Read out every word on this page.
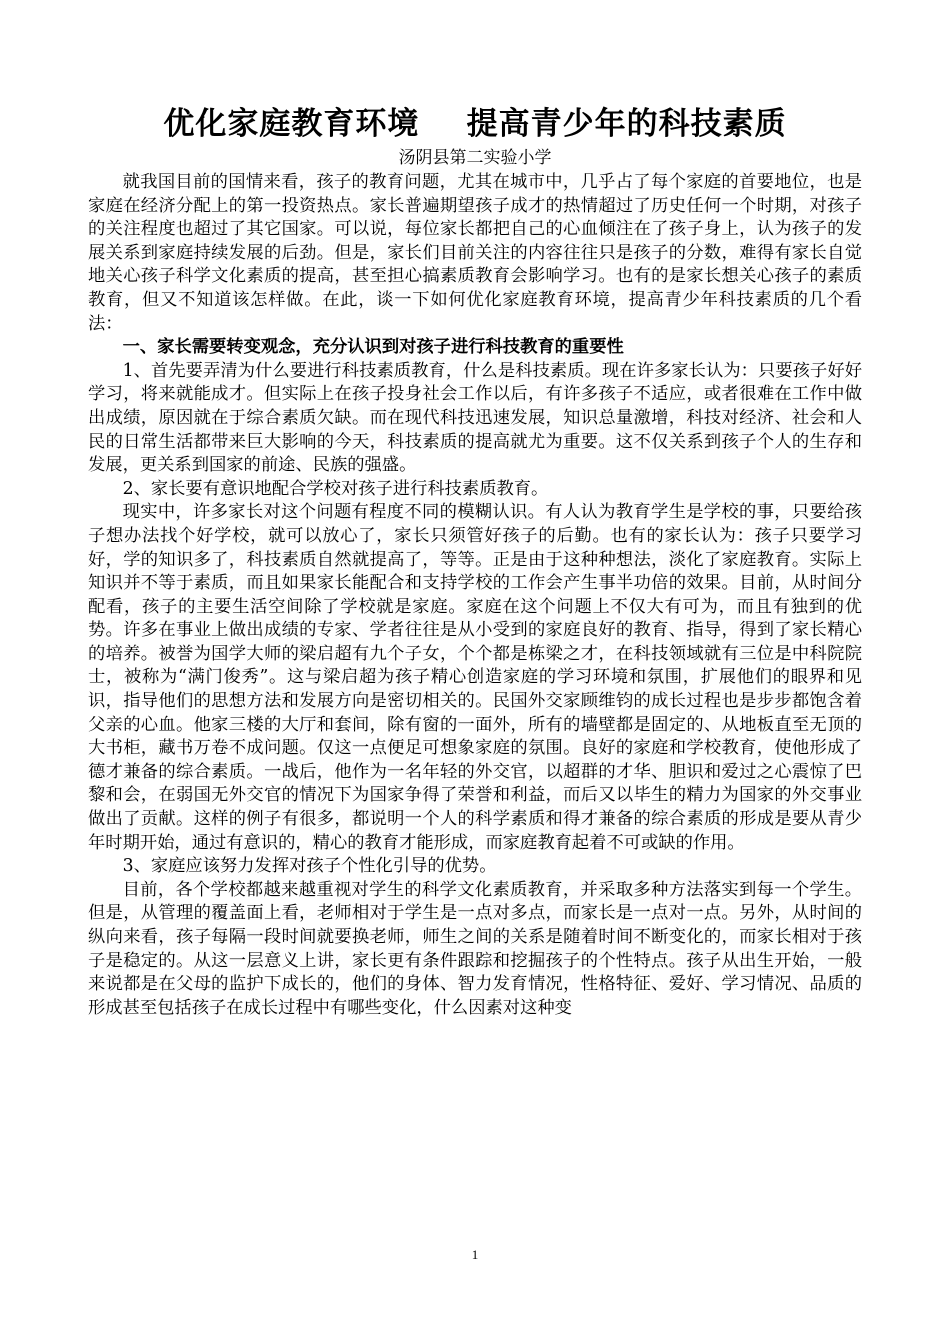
优化家庭教育环境    提高青少年的科技素质

汤阴县第二实验小学

就我国目前的国情来看，孩子的教育问题，尤其在城市中，几乎占了每个家庭的首要地位，也是家庭在经济分配上的第一投资热点。家长普遍期望孩子成才的热情超过了历史任何一个时期，对孩子的关注程度也超过了其它国家。可以说，每位家长都把自己的心血倾注在了孩子身上，认为孩子的发展关系到家庭持续发展的后劲。但是，家长们目前关注的内容往往只是孩子的分数，难得有家长自觉地关心孩子科学文化素质的提高，甚至担心搞素质教育会影响学习。也有的是家长想关心孩子的素质教育，但又不知道该怎样做。在此，谈一下如何优化家庭教育环境，提高青少年科技素质的几个看法：

一、家长需要转变观念，充分认识到对孩子进行科技教育的重要性

1、首先要弄清为什么要进行科技素质教育，什么是科技素质。现在许多家长认为：只要孩子好好学习，将来就能成才。但实际上在孩子投身社会工作以后，有许多孩子不适应，或者很难在工作中做出成绩，原因就在于综合素质欠缺。而在现代科技迅速发展，知识总量激增，科技对经济、社会和人民的日常生活都带来巨大影响的今天，科技素质的提高就尤为重要。这不仅关系到孩子个人的生存和发展，更关系到国家的前途、民族的强盛。

2、家长要有意识地配合学校对孩子进行科技素质教育。

现实中，许多家长对这个问题有程度不同的模糊认识。有人认为教育学生是学校的事，只要给孩子想办法找个好学校，就可以放心了，家长只须管好孩子的后勤。也有的家长认为：孩子只要学习好，学的知识多了，科技素质自然就提高了，等等。正是由于这种种想法，淡化了家庭教育。实际上知识并不等于素质，而且如果家长能配合和支持学校的工作会产生事半功倍的效果。目前，从时间分配看，孩子的主要生活空间除了学校就是家庭。家庭在这个问题上不仅大有可为，而且有独到的优势。许多在事业上做出成绩的专家、学者往往是从小受到的家庭良好的教育、指导，得到了家长精心的培养。被誉为国学大师的梁启超有九个子女，个个都是栋梁之才，在科技领域就有三位是中科院院士，被称为“满门俊秀”。这与梁启超为孩子精心创造家庭的学习环境和氛围，扩展他们的眼界和见识，指导他们的思想方法和发展方向是密切相关的。民国外交家顾维钧的成长过程也是步步都饱含着父亲的心血。他家三楼的大厅和套间，除有窗的一面外，所有的墙壁都是固定的、从地板直至无顶的大书柜，藏书万卷不成问题。仅这一点便足可想象家庭的氛围。良好的家庭和学校教育，使他形成了德才兼备的综合素质。一战后，他作为一名年轻的外交官，以超群的才华、胆识和爱过之心震惊了巴黎和会，在弱国无外交官的情况下为国家争得了荣誉和利益，而后又以毕生的精力为国家的外交事业做出了贡献。这样的例子有很多，都说明一个人的科学素质和得才兼备的综合素质的形成是要从青少年时期开始，通过有意识的，精心的教育才能形成，而家庭教育起着不可或缺的作用。

3、家庭应该努力发挥对孩子个性化引导的优势。

目前，各个学校都越来越重视对学生的科学文化素质教育，并采取多种方法落实到每一个学生。但是，从管理的覆盖面上看，老师相对于学生是一点对多点，而家长是一点对一点。另外，从时间的纵向来看，孩子每隔一段时间就要换老师，师生之间的关系是随着时间不断变化的，而家长相对于孩子是稳定的。从这一层意义上讲，家长更有条件跟踪和挖掘孩子的个性特点。孩子从出生开始，一般来说都是在父母的监护下成长的，他们的身体、智力发育情况，性格特征、爱好、学习情况、品质的形成甚至包括孩子在成长过程中有哪些变化，什么因素对这种变

1
